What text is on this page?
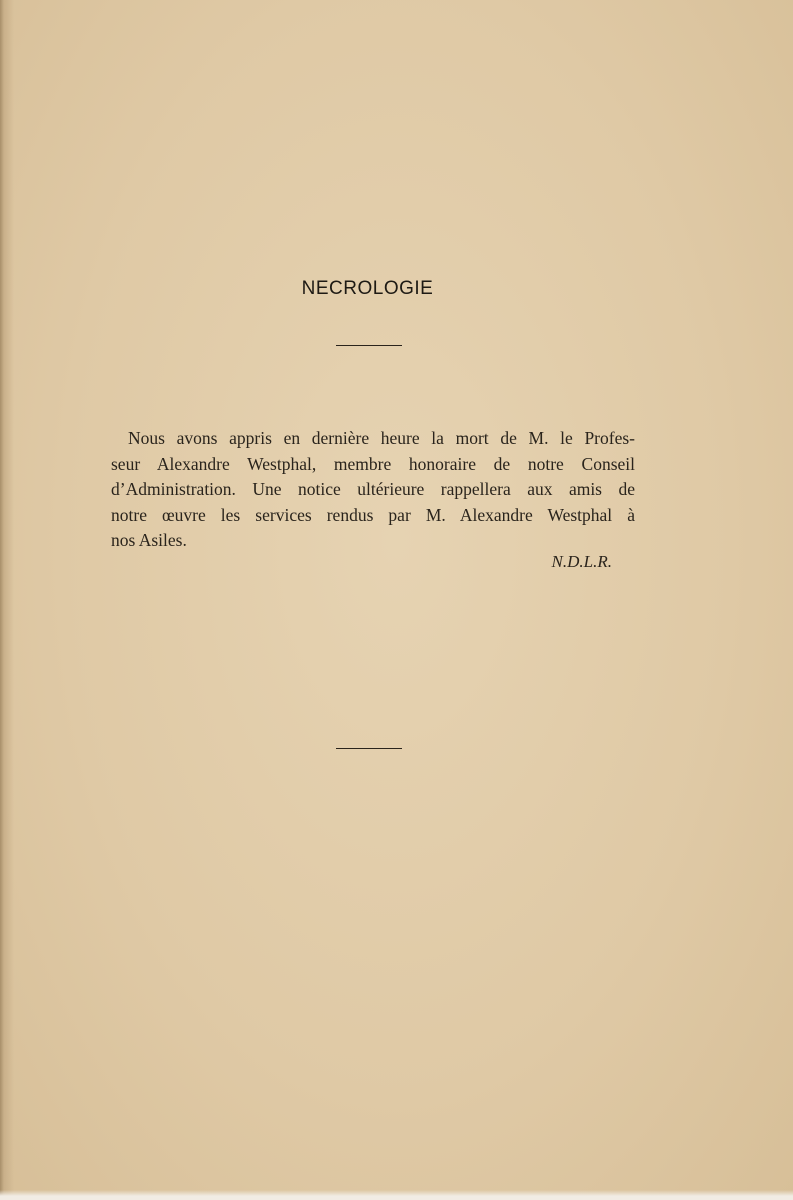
NECROLOGIE

Nous avons appris en dernière heure la mort de M. le Profes-
seur Alexandre Westphal, membre honoraire de notre Conseil
d’Administration. Une notice ultérieure rappellera aux amis de
notre œuvre les services rendus par M. Alexandre Westphal à
nos Asiles.

N.D.L.R.
